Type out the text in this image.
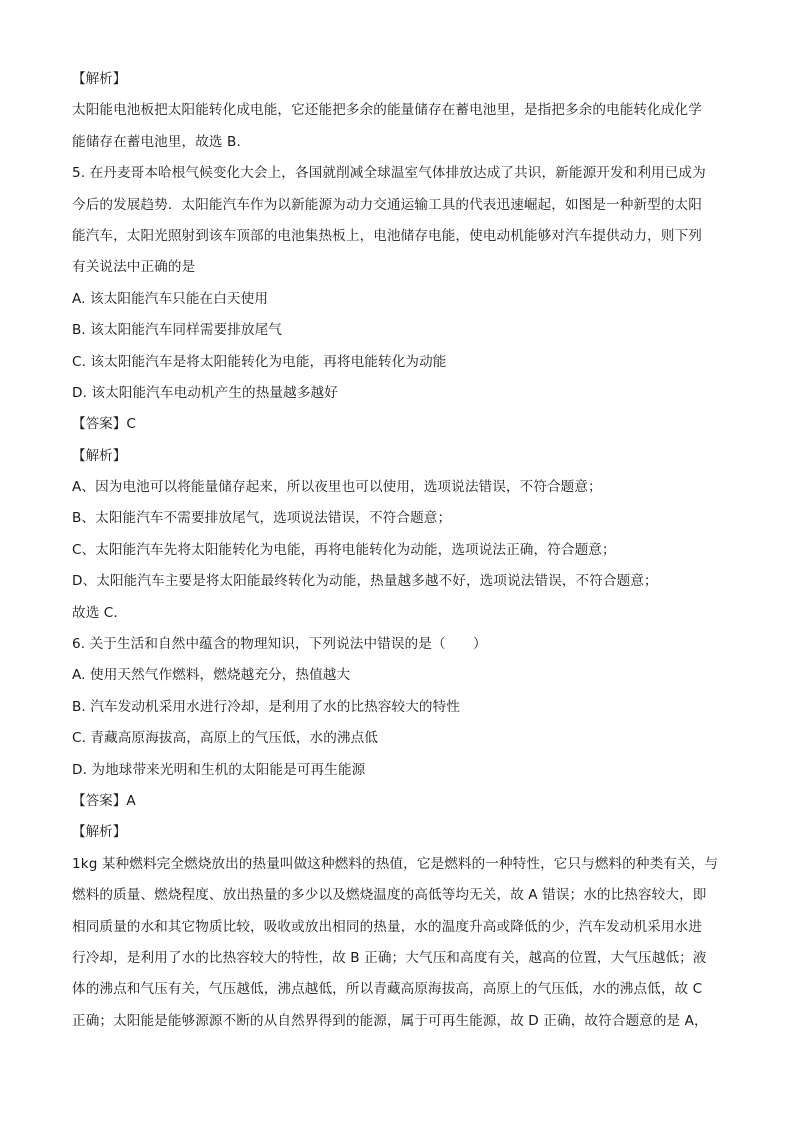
【解析】
太阳能电池板把太阳能转化成电能，它还能把多余的能量储存在蓄电池里，是指把多余的电能转化成化学
能储存在蓄电池里，故选 B．
5. 在丹麦哥本哈根气候变化大会上，各国就削减全球温室气体排放达成了共识，新能源开发和利用已成为
今后的发展趋势．太阳能汽车作为以新能源为动力交通运输工具的代表迅速崛起，如图是一种新型的太阳
能汽车，太阳光照射到该车顶部的电池集热板上，电池储存电能，使电动机能够对汽车提供动力，则下列
有关说法中正确的是
A. 该太阳能汽车只能在白天使用
B. 该太阳能汽车同样需要排放尾气
C. 该太阳能汽车是将太阳能转化为电能，再将电能转化为动能
D. 该太阳能汽车电动机产生的热量越多越好
【答案】C
【解析】
A、因为电池可以将能量储存起来，所以夜里也可以使用，选项说法错误，不符合题意；
B、太阳能汽车不需要排放尾气，选项说法错误，不符合题意；
C、太阳能汽车先将太阳能转化为电能，再将电能转化为动能，选项说法正确，符合题意；
D、太阳能汽车主要是将太阳能最终转化为动能，热量越多越不好，选项说法错误，不符合题意；
故选 C．
6. 关于生活和自然中蕴含的物理知识，下列说法中错误的是（　　）
A. 使用天然气作燃料，燃烧越充分，热值越大
B. 汽车发动机采用水进行冷却，是利用了水的比热容较大的特性
C. 青藏高原海拔高，高原上的气压低，水的沸点低
D. 为地球带来光明和生机的太阳能是可再生能源
【答案】A
【解析】
1kg 某种燃料完全燃烧放出的热量叫做这种燃料的热值，它是燃料的一种特性，它只与燃料的种类有关，与
燃料的质量、燃烧程度、放出热量的多少以及燃烧温度的高低等均无关，故 A 错误；水的比热容较大，即
相同质量的水和其它物质比较，吸收或放出相同的热量，水的温度升高或降低的少，汽车发动机采用水进
行冷却，是利用了水的比热容较大的特性，故 B 正确；大气压和高度有关，越高的位置，大气压越低；液
体的沸点和气压有关，气压越低，沸点越低，所以青藏高原海拔高，高原上的气压低，水的沸点低，故 C
正确；太阳能是能够源源不断的从自然界得到的能源，属于可再生能源，故 D 正确，故符合题意的是 A，
